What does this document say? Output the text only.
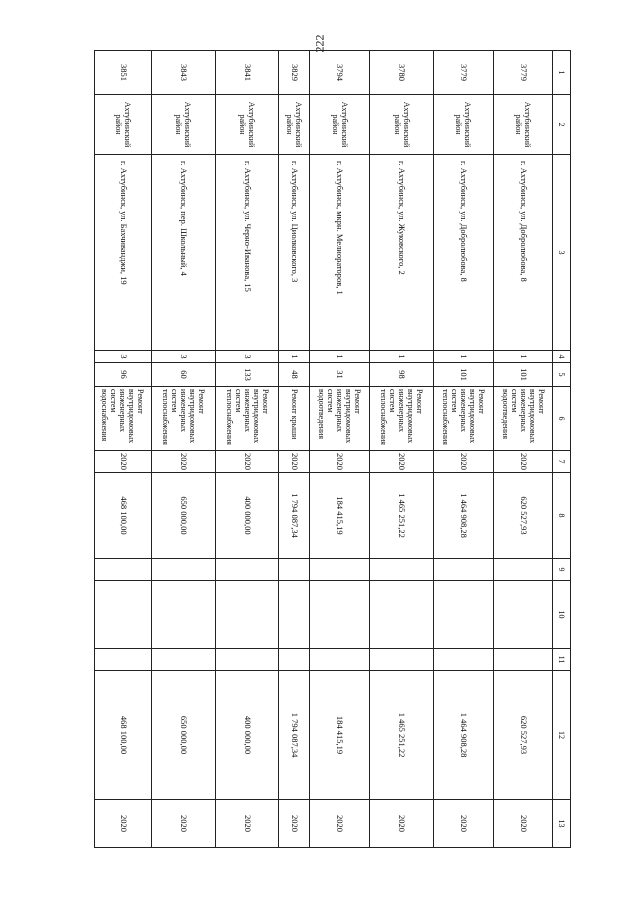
222
1	2	3	4	5	6	7	8	9	10	11	12	13
3779	Ахтубинский район	г. Ахтубинск, ул. Добролюбова, 8	1	101	Ремонт внутридомовых инженерных систем водоотведения	2020	620 527,93				620 527,93	2020
3779	Ахтубинский район	г. Ахтубинск, ул. Добролюбова, 8	1	101	Ремонт внутридомовых инженерных систем теплоснабжения	2020	1 464 908,28				1 464 908,28	2020
3780	Ахтубинский район	г. Ахтубинск, ул. Жуковского, 2	1	98	Ремонт внутридомовых инженерных систем теплоснабжения	2020	1 465 251,22				1 465 251,22	2020
3794	Ахтубинский район	г. Ахтубинск, мкрн. Мелиораторов, 1	1	31	Ремонт внутридомовых инженерных систем водоотведения	2020	184 415,19				184 415,19	2020
3829	Ахтубинский район	г. Ахтубинск, ул. Циолковского, 3	1	48	Ремонт крыши	2020	1 794 087,34				1 794 087,34	2020
3841	Ахтубинский район	г. Ахтубинск, ул. Черно-Иванова, 15	3	133	Ремонт внутридомовых инженерных систем теплоснабжения	2020	400 000,00				400 000,00	2020
3843	Ахтубинский район	г. Ахтубинск, пер. Школьный, 4	3	60	Ремонт внутридомовых инженерных систем теплоснабжения	2020	650 000,00				650 000,00	2020
3851	Ахтубинский район	г. Ахтубинск, ул. Бахчиванджи, 19	3	96	Ремонт внутридомовых инженерных систем водоснабжения	2020	468 100,00				468 100,00	2020
